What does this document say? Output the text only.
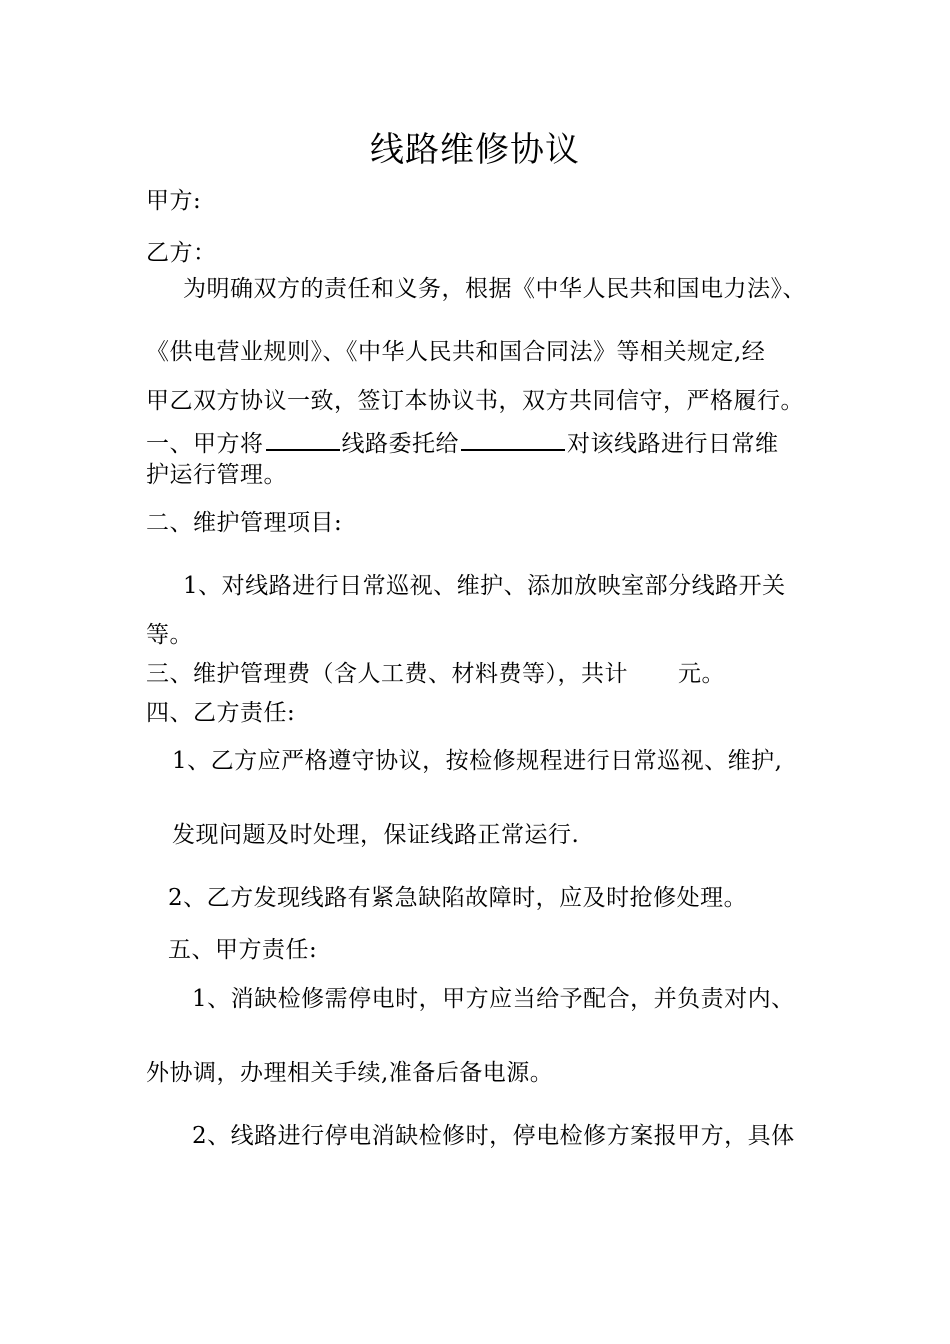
线路维修协议
甲方:
乙方：
为明确双方的责任和义务，根据《中华人民共和国电力法》、
《供电营业规则》、《中华人民共和国合同法》等相关规定,经
甲乙双方协议一致，签订本协议书，双方共同信守，严格履行。
一、甲方将	线路委托给	对该线路进行日常维
护运行管理。
二、维护管理项目:
1、对线路进行日常巡视、维护、添加放映室部分线路开关
等。
三、维护管理费（含人工费、材料费等），共计 元。
四、乙方责任:
1、乙方应严格遵守协议，按检修规程进行日常巡视、维护,
发现问题及时处理，保证线路正常运行.
2、乙方发现线路有紧急缺陷故障时，应及时抢修处理。
五、甲方责任:
1、消缺检修需停电时，甲方应当给予配合，并负责对内、
外协调，办理相关手续,准备后备电源。
2、线路进行停电消缺检修时，停电检修方案报甲方，具体
